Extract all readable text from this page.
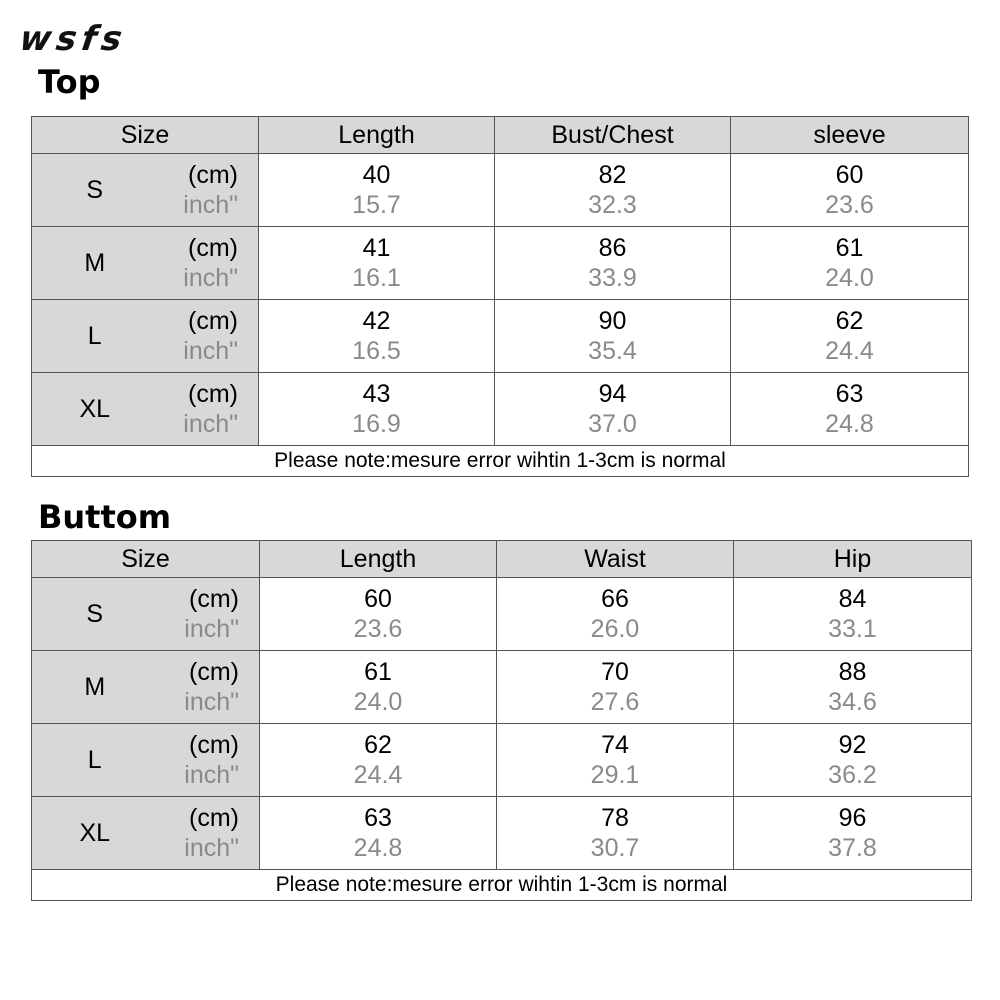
wsfs
Top
Size		Length	Bust/Chest	sleeve
S	(cm)	40	82	60
	inch"	15.7	32.3	23.6
M	(cm)	41	86	61
	inch"	16.1	33.9	24.0
L	(cm)	42	90	62
	inch"	16.5	35.4	24.4
XL	(cm)	43	94	63
	inch"	16.9	37.0	24.8
Please note:mesure error wihtin 1-3cm is normal				
Buttom
Size		Length	Waist	Hip
S	(cm)	60	66	84
	inch"	23.6	26.0	33.1
M	(cm)	61	70	88
	inch"	24.0	27.6	34.6
L	(cm)	62	74	92
	inch"	24.4	29.1	36.2
XL	(cm)	63	78	96
	inch"	24.8	30.7	37.8
Please note:mesure error wihtin 1-3cm is normal				
